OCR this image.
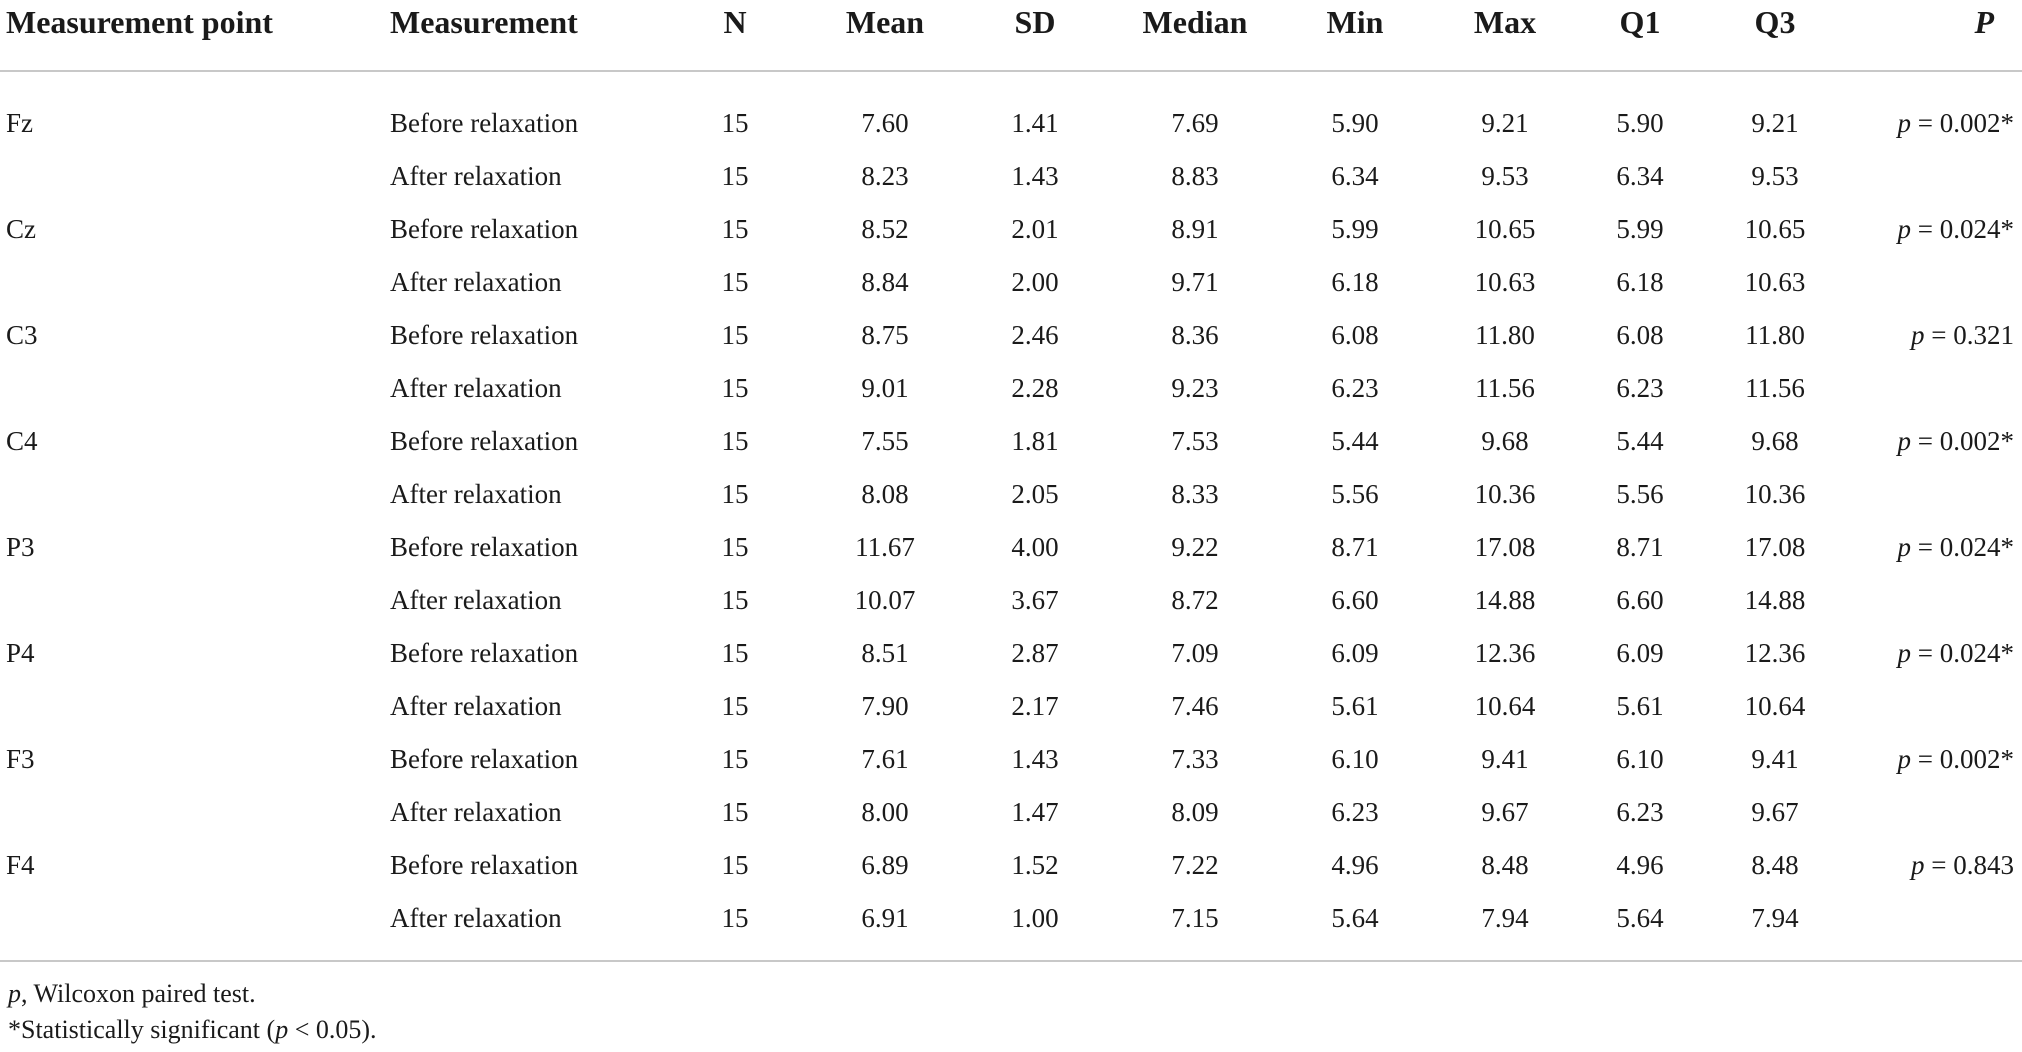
Measurement point	Measurement	N	Mean	SD	Median	Min	Max	Q1	Q3	P

Fz	Before relaxation	15	7.60	1.41	7.69	5.90	9.21	5.90	9.21	p = 0.002*
	After relaxation	15	8.23	1.43	8.83	6.34	9.53	6.34	9.53	
Cz	Before relaxation	15	8.52	2.01	8.91	5.99	10.65	5.99	10.65	p = 0.024*
	After relaxation	15	8.84	2.00	9.71	6.18	10.63	6.18	10.63	
C3	Before relaxation	15	8.75	2.46	8.36	6.08	11.80	6.08	11.80	p = 0.321
	After relaxation	15	9.01	2.28	9.23	6.23	11.56	6.23	11.56	
C4	Before relaxation	15	7.55	1.81	7.53	5.44	9.68	5.44	9.68	p = 0.002*
	After relaxation	15	8.08	2.05	8.33	5.56	10.36	5.56	10.36	
P3	Before relaxation	15	11.67	4.00	9.22	8.71	17.08	8.71	17.08	p = 0.024*
	After relaxation	15	10.07	3.67	8.72	6.60	14.88	6.60	14.88	
P4	Before relaxation	15	8.51	2.87	7.09	6.09	12.36	6.09	12.36	p = 0.024*
	After relaxation	15	7.90	2.17	7.46	5.61	10.64	5.61	10.64	
F3	Before relaxation	15	7.61	1.43	7.33	6.10	9.41	6.10	9.41	p = 0.002*
	After relaxation	15	8.00	1.47	8.09	6.23	9.67	6.23	9.67	
F4	Before relaxation	15	6.89	1.52	7.22	4.96	8.48	4.96	8.48	p = 0.843
	After relaxation	15	6.91	1.00	7.15	5.64	7.94	5.64	7.94	
p, Wilcoxon paired test.
*Statistically significant (p < 0.05).
